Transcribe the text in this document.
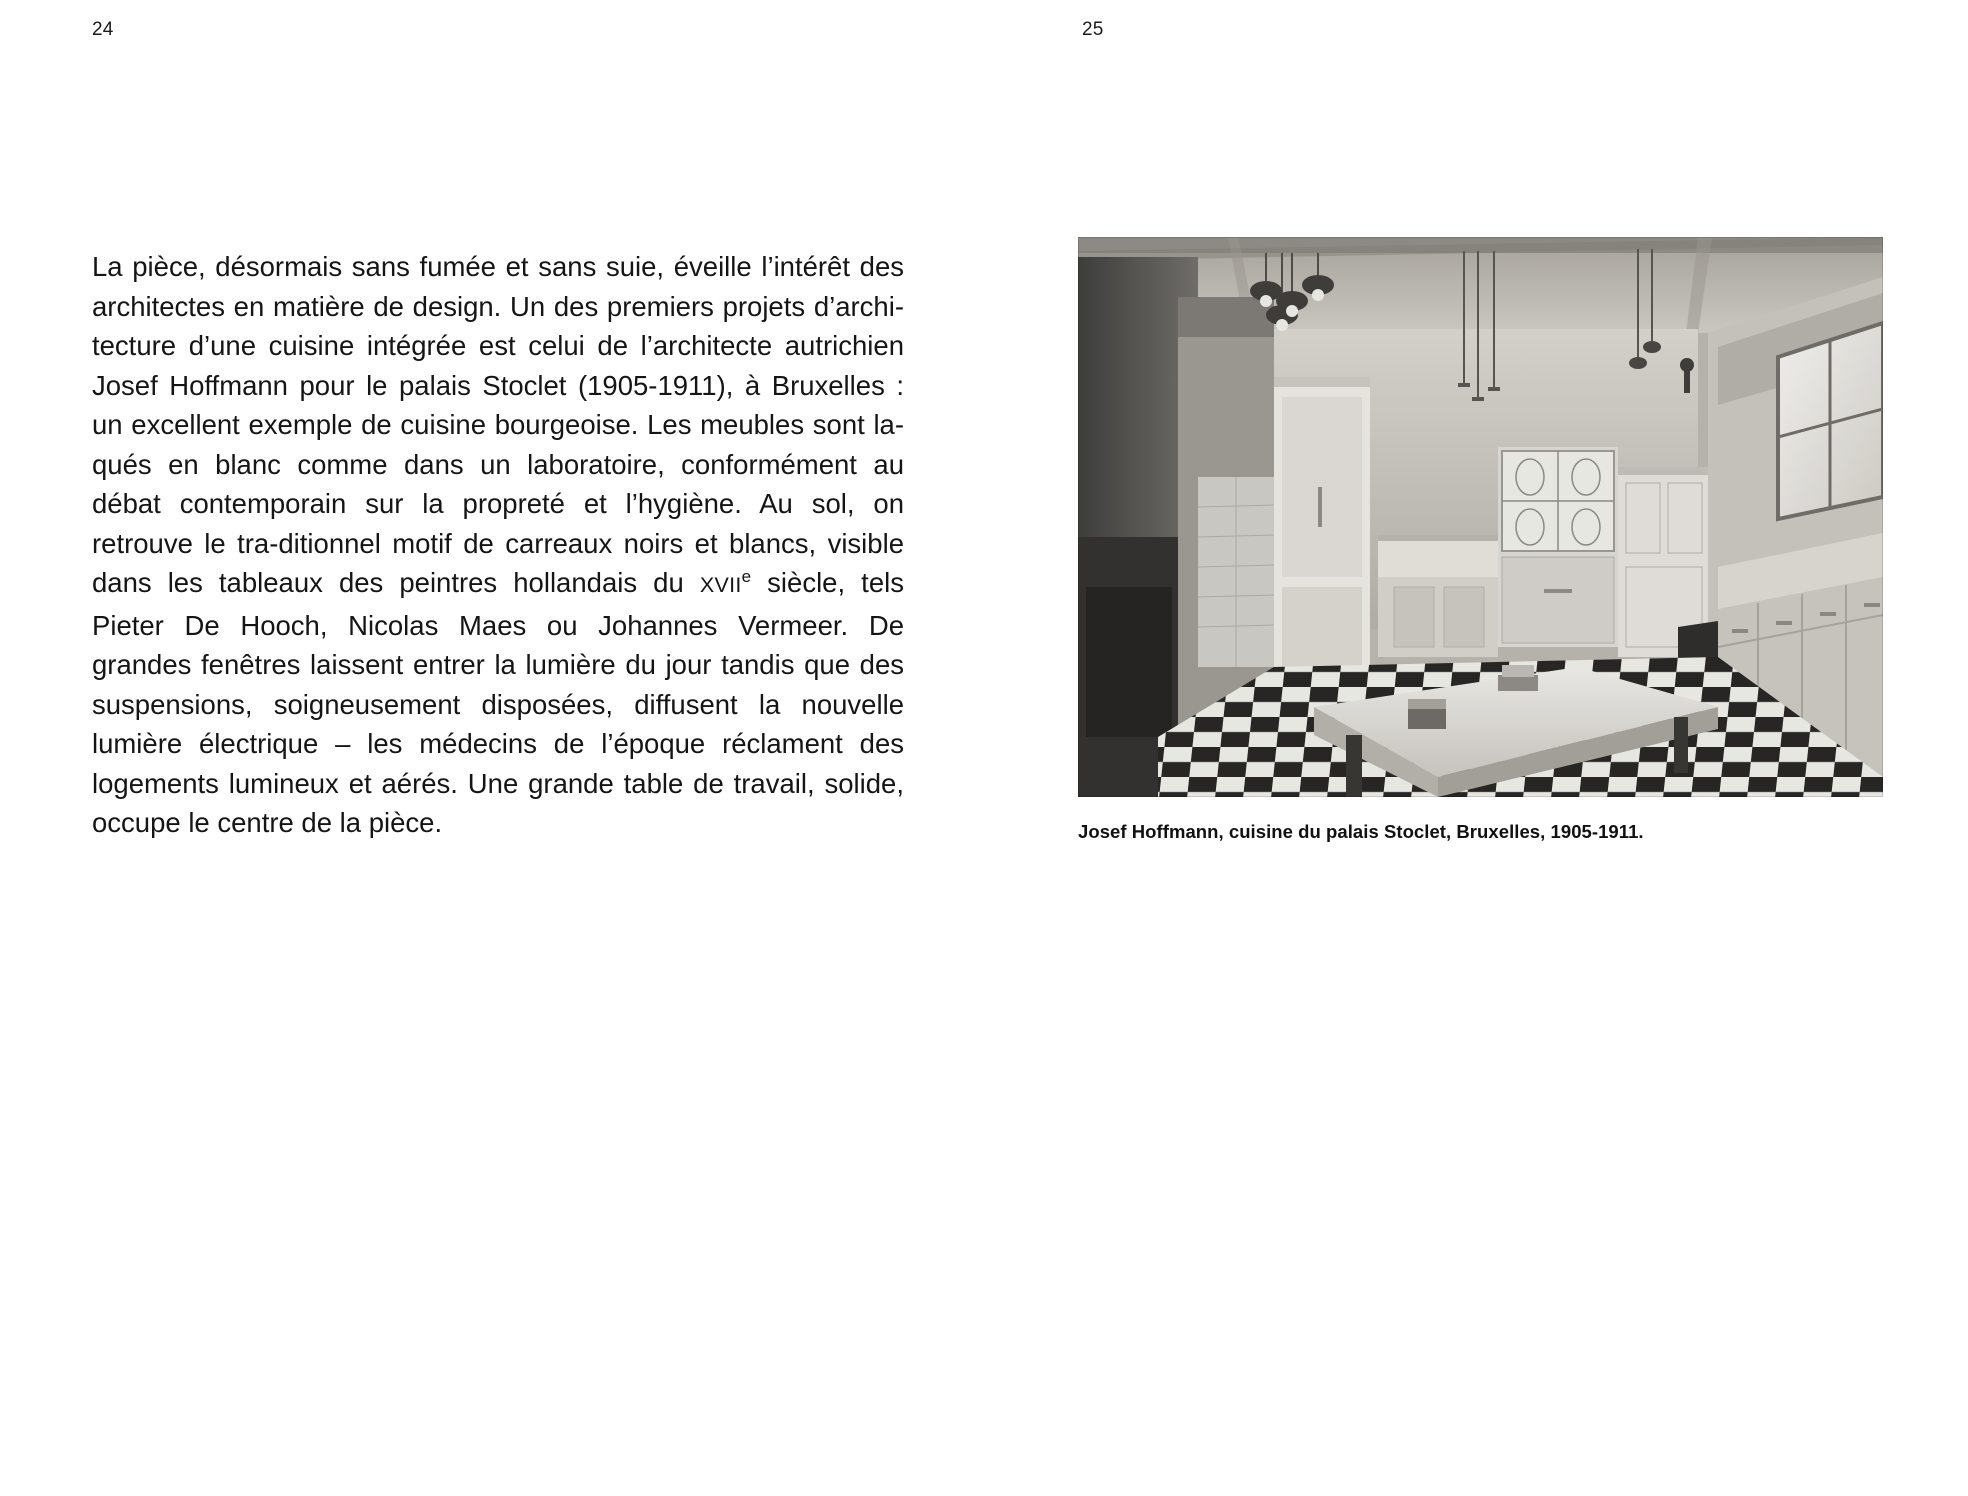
24	25

La pièce, désormais sans fumée et sans suie, éveille l’intérêt des architectes en matière de design. Un des premiers projets d’archi-tecture d’une cuisine intégrée est celui de l’architecte autrichien Josef Hoffmann pour le palais Stoclet (1905-1911), à Bruxelles : un excellent exemple de cuisine bourgeoise. Les meubles sont la-qués en blanc comme dans un laboratoire, conformément au débat contemporain sur la propreté et l’hygiène. Au sol, on retrouve le tra-ditionnel motif de carreaux noirs et blancs, visible dans les tableaux des peintres hollandais du XVIIe siècle, tels Pieter De Hooch, Nicolas Maes ou Johannes Vermeer. De grandes fenêtres laissent entrer la lumière du jour tandis que des suspensions, soigneusement disposées, diffusent la nouvelle lumière électrique – les médecins de l’époque réclament des logements lumineux et aérés. Une grande table de travail, solide, occupe le centre de la pièce.	Josef Hoffmann, cuisine du palais Stoclet, Bruxelles, 1905-1911.
